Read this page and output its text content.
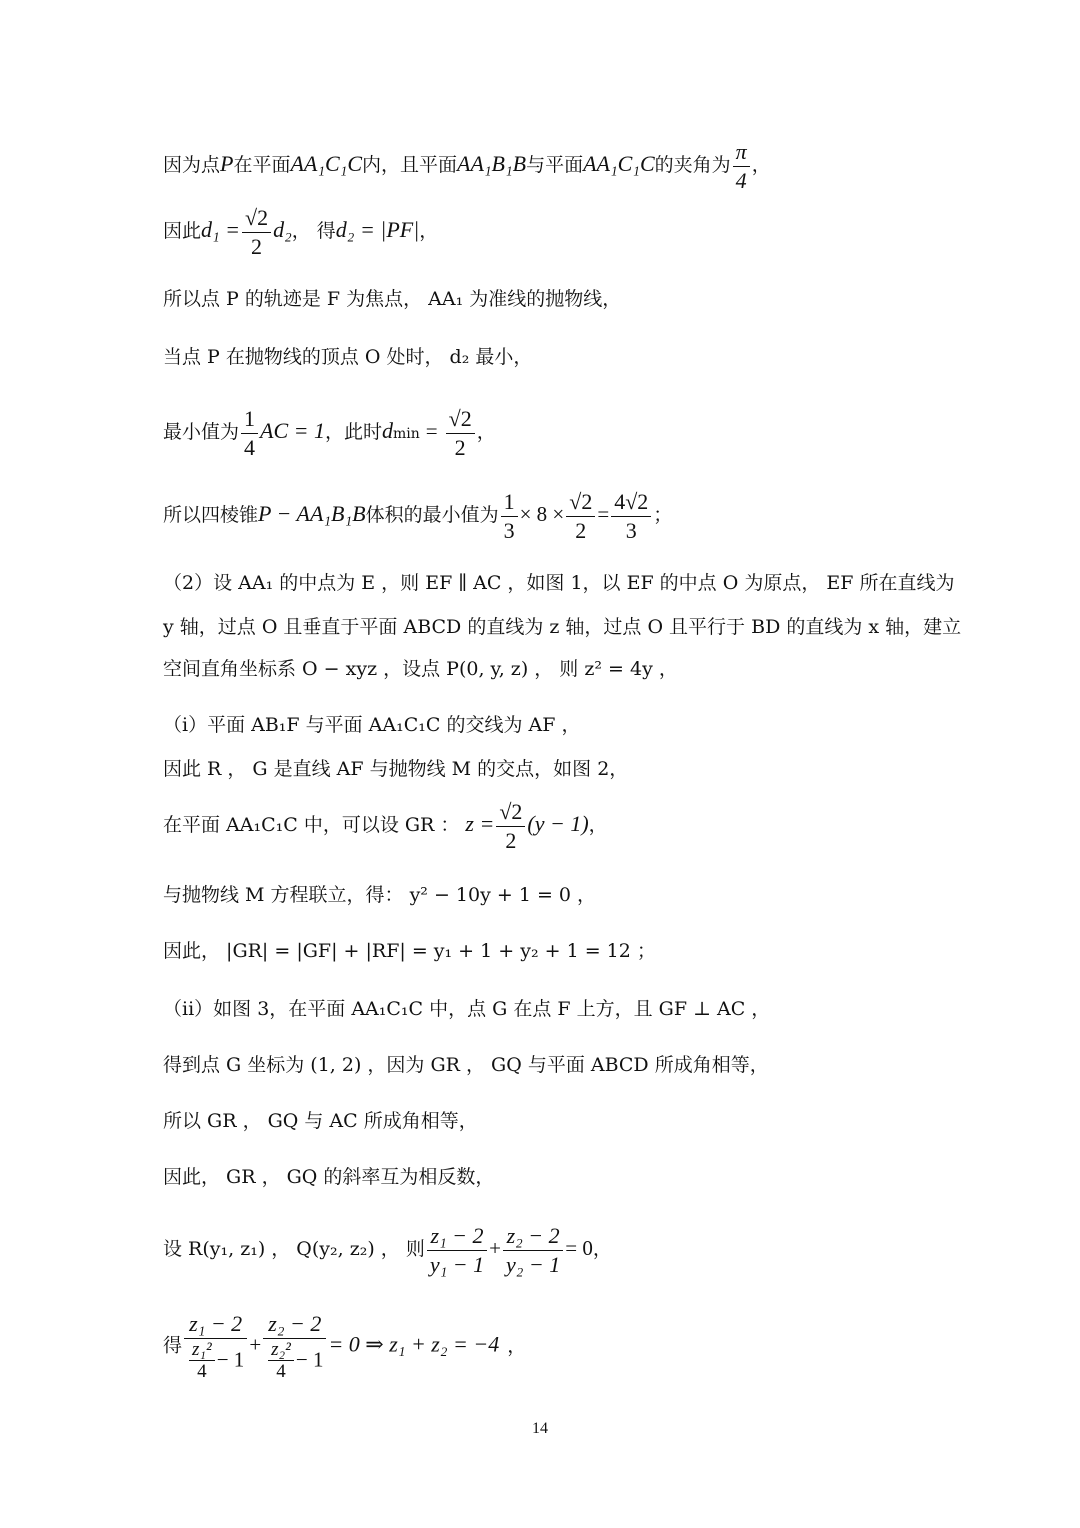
因为点P在平面AA₁C₁C内，且平面AA₁B₁B与平面AA₁C₁C的夹角为 $\frac{\pi}{4}$ ，
因此$d_1 = \frac{√2}{2} d_2$， 得d₂ = |PF|，
所以点 P 的轨迹是 F 为焦点， AA₁ 为准线的抛物线，
当点 P 在抛物线的顶点 O 处时， d₂ 最小，
最小值为 $\frac{1}{4}$ AC = 1，此时$dmin = \frac{√2}{2}$ ，
所以四棱锥P − AA₁B₁B体积的最小值为 $\frac{1}{3} \times 8 \times \frac{√2}{2} = \frac{4√2}{3}$ ；
（2）设 AA₁ 的中点为 E ，则 EF ∥ AC ，如图 1，以 EF 的中点 O 为原点， EF 所在直线为
y 轴，过点 O 且垂直于平面 ABCD 的直线为 z 轴，过点 O 且平行于 BD 的直线为 x 轴，建立
空间直角坐标系 O − xyz ，设点 P(0, y, z) ， 则 z² = 4y ，
（i）平面 AB₁F 与平面 AA₁C₁C 的交线为 AF ，
因此 R ， G 是直线 AF 与抛物线 M 的交点，如图 2，
在平面 AA₁C₁C 中，可以设 GR ： $z = \frac{√2}{2} (y - 1)$，
与抛物线 M 方程联立，得： y² − 10y + 1 = 0 ，
因此， |GR| = |GF| + |RF| = y₁ + 1 + y₂ + 1 = 12 ；
（ii）如图 3，在平面 AA₁C₁C 中，点 G 在点 F 上方，且 GF ⊥ AC ，
得到点 G 坐标为 (1, 2) ，因为 GR ， GQ 与平面 ABCD 所成角相等，
所以 GR ， GQ 与 AC 所成角相等，
因此， GR ， GQ 的斜率互为相反数，
设 R(y₁, z₁) ， Q(y₂, z₂) ， 则 $\frac{\text{z₁ − 2}}{\text{y₁ − 1}} + \frac{\text{z₂ − 2}}{\text{y₂ − 1}} = 0$，
得 $\frac{\text{z₁ − 2}}{\frac{\text{z₁²}}{4} - 1} + \frac{\text{z₂ − 2}}{\frac{\text{z₂²}}{4} - 1} = 0$ ⇒ z₁ + z₂ = −4 ，
14
